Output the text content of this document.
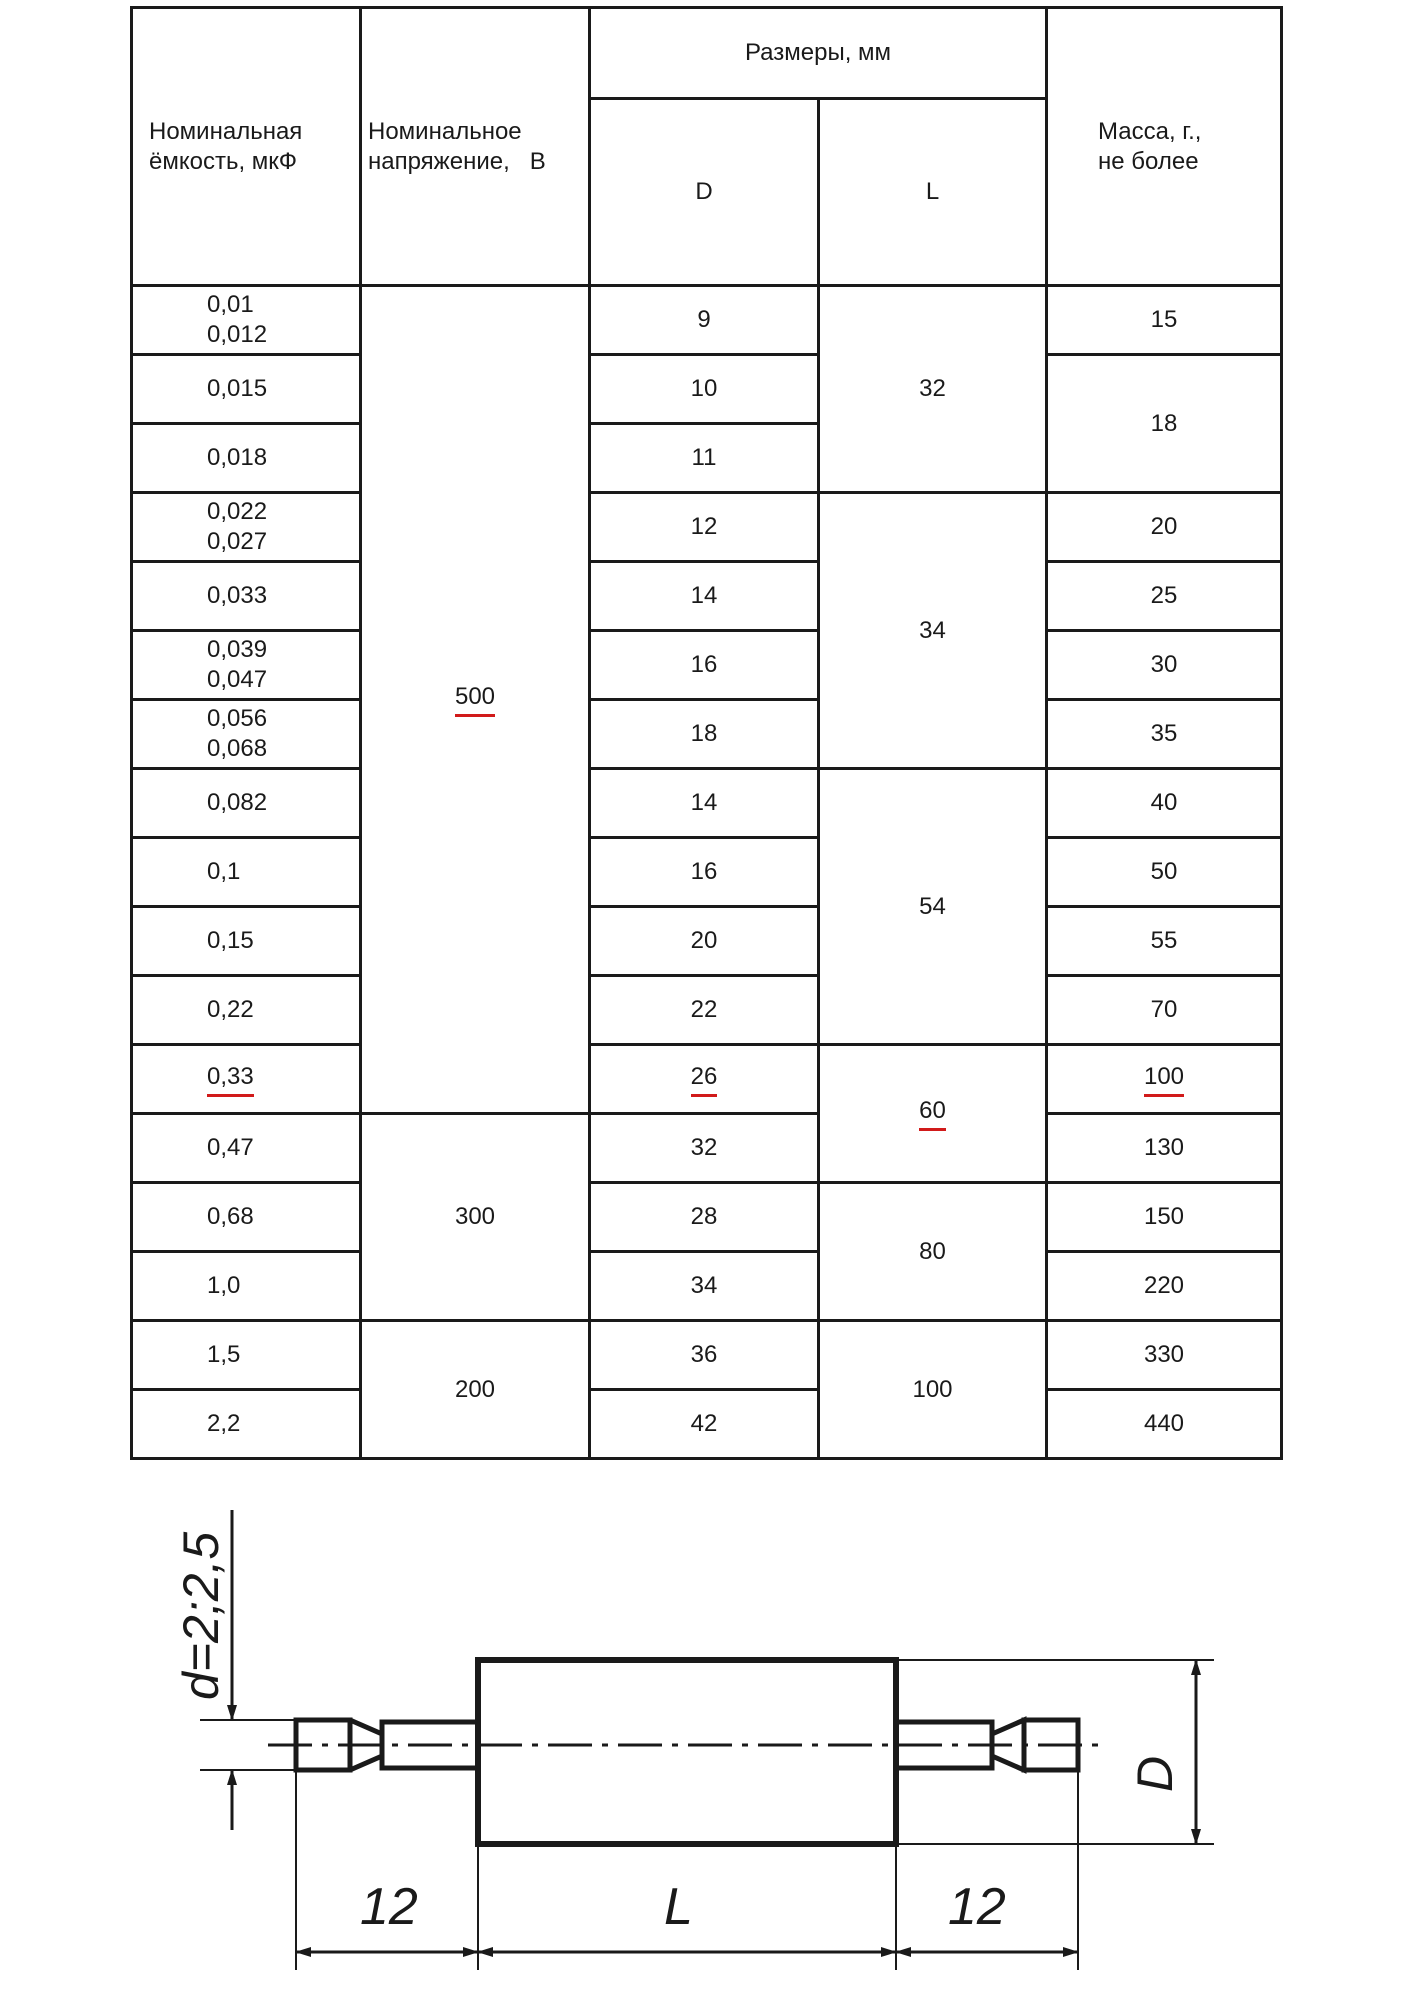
Номинальная
ёмкость, мкФ	Номинальное
напряжение,   В	Размеры, мм		Масса, г.,
не более
		D	L	

0,01
0,012	500	9	32	15

0,015		10		18

0,018		11		

0,022
0,027		12	34	20

0,033		14		25

0,039
0,047		16		30

0,056
0,068		18		35

0,082		14	54	40

0,1		16		50

0,15		20		55

0,22		22		70
0,33		26	60	100

0,47	300	32		130

0,68		28	80	150

1,0		34		220

1,5	200	36	100	330

2,2		42		440
d=2;2,5
D
12	L	12
